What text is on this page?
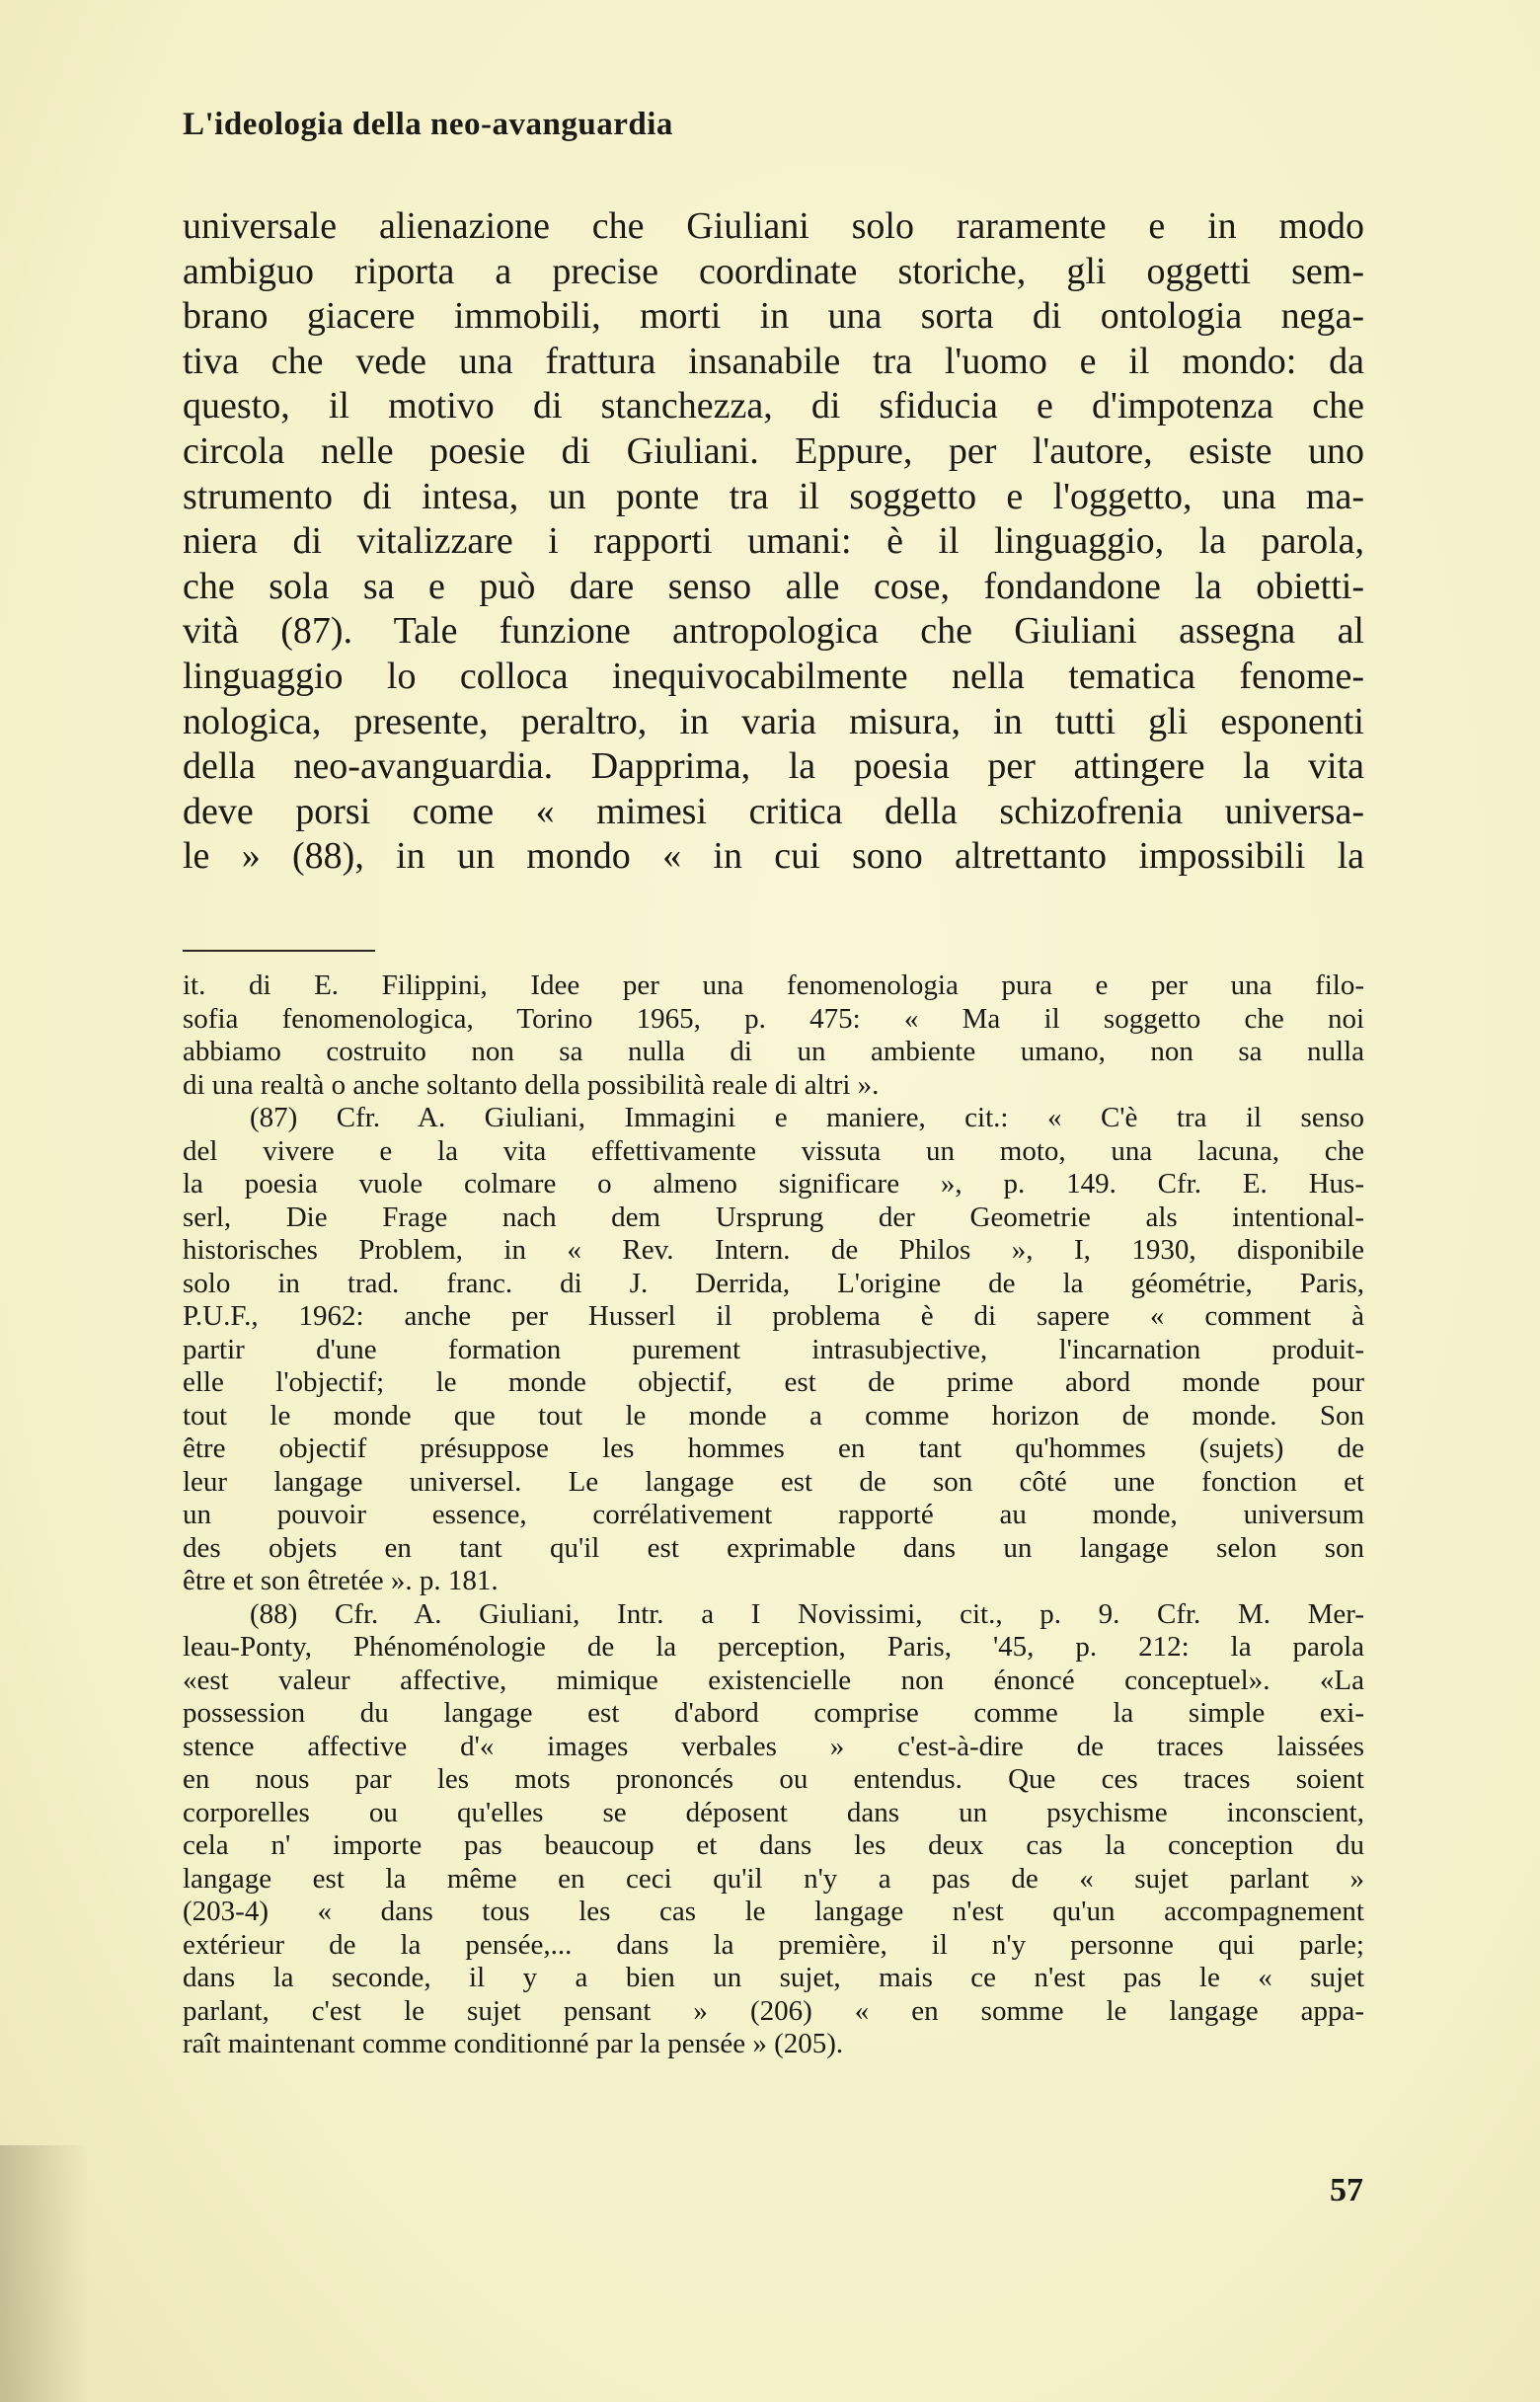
L'ideologia della neo-avanguardia
universale alienazione che Giuliani solo raramente e in modo
ambiguo riporta a precise coordinate storiche, gli oggetti sem-
brano giacere immobili, morti in una sorta di ontologia nega-
tiva che vede una frattura insanabile tra l'uomo e il mondo: da
questo, il motivo di stanchezza, di sfiducia e d'impotenza che
circola nelle poesie di Giuliani. Eppure, per l'autore, esiste uno
strumento di intesa, un ponte tra il soggetto e l'oggetto, una ma-
niera di vitalizzare i rapporti umani: è il linguaggio, la parola,
che sola sa e può dare senso alle cose, fondandone la obietti-
vità (87). Tale funzione antropologica che Giuliani assegna al
linguaggio lo colloca inequivocabilmente nella tematica fenome-
nologica, presente, peraltro, in varia misura, in tutti gli esponenti
della neo-avanguardia. Dapprima, la poesia per attingere la vita
deve porsi come « mimesi critica della schizofrenia universa-
le » (88), in un mondo « in cui sono altrettanto impossibili la
it. di E. Filippini, Idee per una fenomenologia pura e per una filo-
sofia fenomenologica, Torino 1965, p. 475: « Ma il soggetto che noi
abbiamo costruito non sa nulla di un ambiente umano, non sa nulla
di una realtà o anche soltanto della possibilità reale di altri ».
(87) Cfr. A. Giuliani, Immagini e maniere, cit.: « C'è tra il senso
del vivere e la vita effettivamente vissuta un moto, una lacuna, che
la poesia vuole colmare o almeno significare », p. 149. Cfr. E. Hus-
serl, Die Frage nach dem Ursprung der Geometrie als intentional-
historisches Problem, in « Rev. Intern. de Philos », I, 1930, disponibile
solo in trad. franc. di J. Derrida, L'origine de la géométrie, Paris,
P.U.F., 1962: anche per Husserl il problema è di sapere « comment à
partir d'une formation purement intrasubjective, l'incarnation produit-
elle l'objectif; le monde objectif, est de prime abord monde pour
tout le monde que tout le monde a comme horizon de monde. Son
être objectif présuppose les hommes en tant qu'hommes (sujets) de
leur langage universel. Le langage est de son côté une fonction et
un pouvoir essence, corrélativement rapporté au monde, universum
des objets en tant qu'il est exprimable dans un langage selon son
être et son êtretée ». p. 181.
(88) Cfr. A. Giuliani, Intr. a I Novissimi, cit., p. 9. Cfr. M. Mer-
leau-Ponty, Phénoménologie de la perception, Paris, '45, p. 212: la parola
«est valeur affective, mimique existencielle non énoncé conceptuel». «La
possession du langage est d'abord comprise comme la simple exi-
stence affective d'« images verbales » c'est-à-dire de traces laissées
en nous par les mots prononcés ou entendus. Que ces traces soient
corporelles ou qu'elles se déposent dans un psychisme inconscient,
cela n' importe pas beaucoup et dans les deux cas la conception du
langage est la même en ceci qu'il n'y a pas de « sujet parlant »
(203-4) « dans tous les cas le langage n'est qu'un accompagnement
extérieur de la pensée,... dans la première, il n'y personne qui parle;
dans la seconde, il y a bien un sujet, mais ce n'est pas le « sujet
parlant, c'est le sujet pensant » (206) « en somme le langage appa-
raît maintenant comme conditionné par la pensée » (205).
57
